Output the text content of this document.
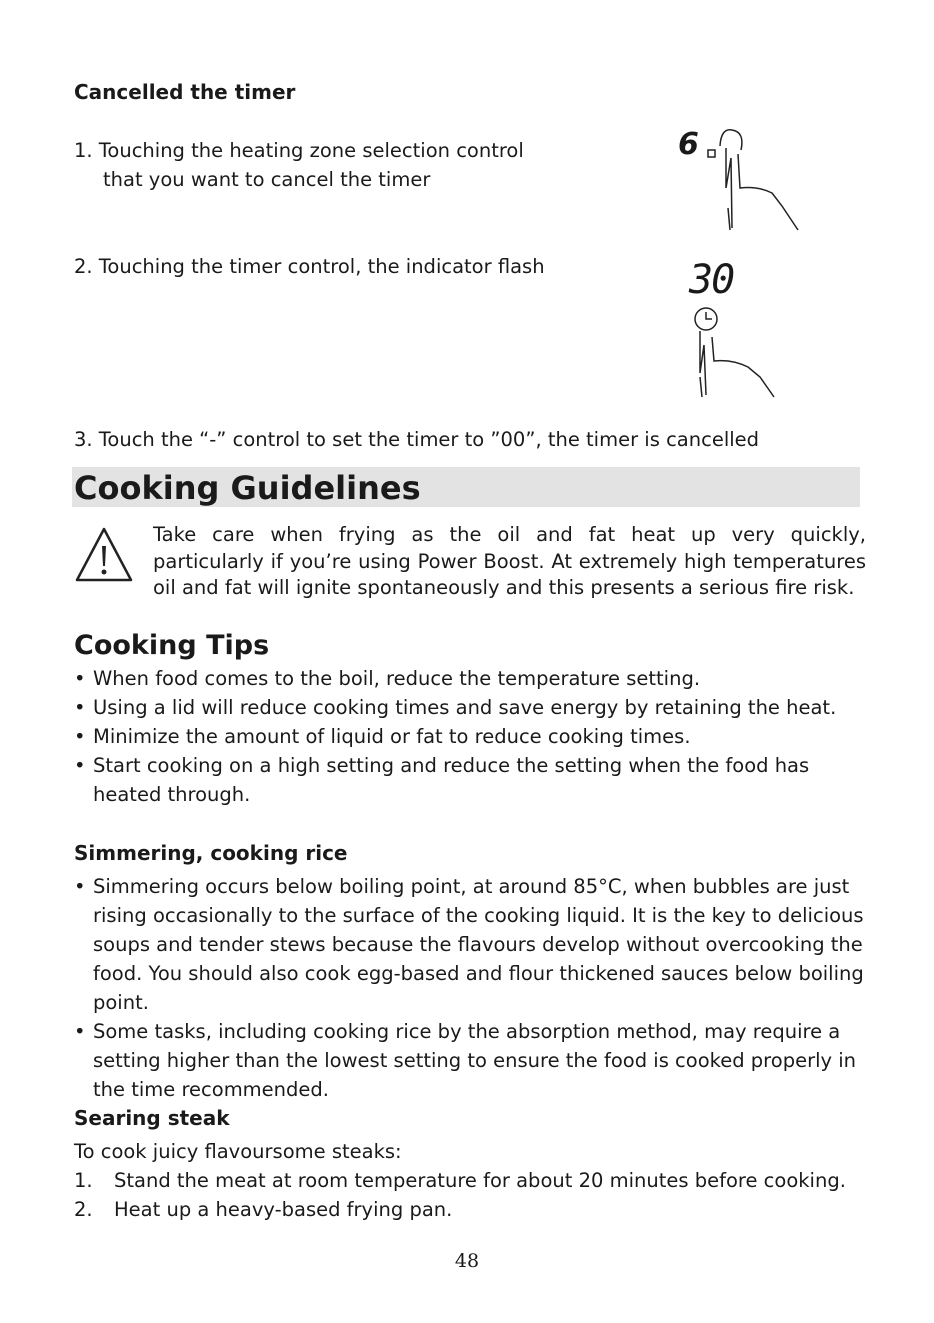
Cancelled the timer

1. Touching the heating zone selection control

that you want to cancel the timer

2. Touching the timer control, the indicator flash

3. Touch the “-” control to set the timer to ”00”, the timer is cancelled

6
30
Cooking Guidelines

Take care when frying as the oil and fat heat up very quickly, particularly if you’re using Power Boost. At extremely high temperatures oil and fat will ignite spontaneously and this presents a serious fire risk.

Cooking Tips
• When food comes to the boil, reduce the temperature setting.
• Using a lid will reduce cooking times and save energy by retaining the heat.
• Minimize the amount of liquid or fat to reduce cooking times.
• Start cooking on a high setting and reduce the setting when the food has heated through.
Simmering, cooking rice
• Simmering occurs below boiling point, at around 85°C, when bubbles are just rising occasionally to the surface of the cooking liquid. It is the key to delicious soups and tender stews because the flavours develop without overcooking the food. You should also cook egg-based and flour thickened sauces below boiling point.
• Some tasks, including cooking rice by the absorption method, may require a setting higher than the lowest setting to ensure the food is cooked properly in the time recommended.
Searing steak

To cook juicy flavoursome steaks:

1. Stand the meat at room temperature for about 20 minutes before cooking.
2. Heat up a heavy-based frying pan.
48
